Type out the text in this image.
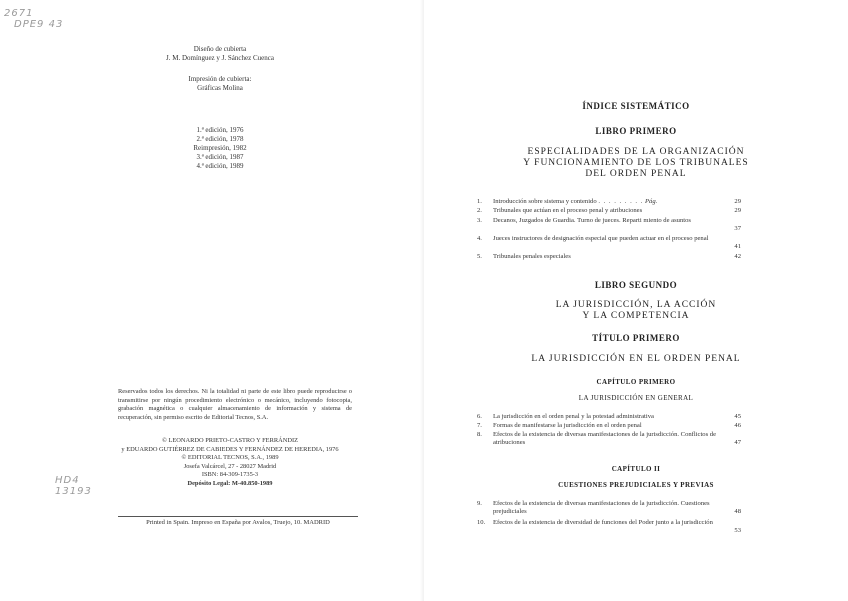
2671
DPE9 43
Diseño de cubierta
J. M. Domínguez y J. Sánchez Cuenca
Impresión de cubierta:
Gráficas Molina
1.ª edición, 1976
2.ª edición, 1978
Reimpresión, 1982
3.ª edición, 1987
4.ª edición, 1989
Reservados todos los derechos. Ni la totalidad ni parte de este libro puede reproducirse o transmitirse por ningún procedimiento electrónico o mecánico, incluyendo fotocopia, grabación magnética o cualquier almacenamiento de información y sistema de recuperación, sin permiso escrito de Editorial Tecnos, S.A.
© LEONARDO PRIETO-CASTRO Y FERRÁNDIZ
y EDUARDO GUTIÉRREZ DE CABIEDES Y FERNÁNDEZ DE HEREDIA, 1976
© EDITORIAL TECNOS, S.A., 1989
Josefa Valcárcel, 27 - 28027 Madrid
ISBN: 84-309-1735-3
Depósito Legal: M-40.850-1989
HD4
13193
Printed in Spain. Impreso en España por Avalos, Truejo, 10. MADRID
ÍNDICE SISTEMÁTICO
LIBRO PRIMERO
ESPECIALIDADES DE LA ORGANIZACIÓN
Y FUNCIONAMIENTO DE LOS TRIBUNALES
DEL ORDEN PENAL
1.	Introducción sobre sistema y contenido . . . . . . . . . Pág.	29
2.	Tribunales que actúan en el proceso penal y atribuciones	29
3.	Decanos, Juzgados de Guardia. Turno de jueces. Reparti miento de asuntos
37
4.	Jueces instructores de designación especial que pueden actuar en el proceso penal
41
5.	Tribunales penales especiales	42
LIBRO SEGUNDO
LA JURISDICCIÓN, LA ACCIÓN
Y LA COMPETENCIA
TÍTULO PRIMERO
LA JURISDICCIÓN EN EL ORDEN PENAL
CAPÍTULO PRIMERO
LA JURISDICCIÓN EN GENERAL
6.	La jurisdicción en el orden penal y la potestad administrativa	45
7.	Formas de manifestarse la jurisdicción en el orden penal	46
8.	Efectos de la existencia de diversas manifestaciones de la jurisdicción. Conflictos de atribuciones	47
CAPÍTULO II
CUESTIONES PREJUDICIALES Y PREVIAS
9.	Efectos de la existencia de diversas manifestaciones de la jurisdicción. Cuestiones prejudiciales	48
10.	Efectos de la existencia de diversidad de funciones del Poder junto a la jurisdicción
53
